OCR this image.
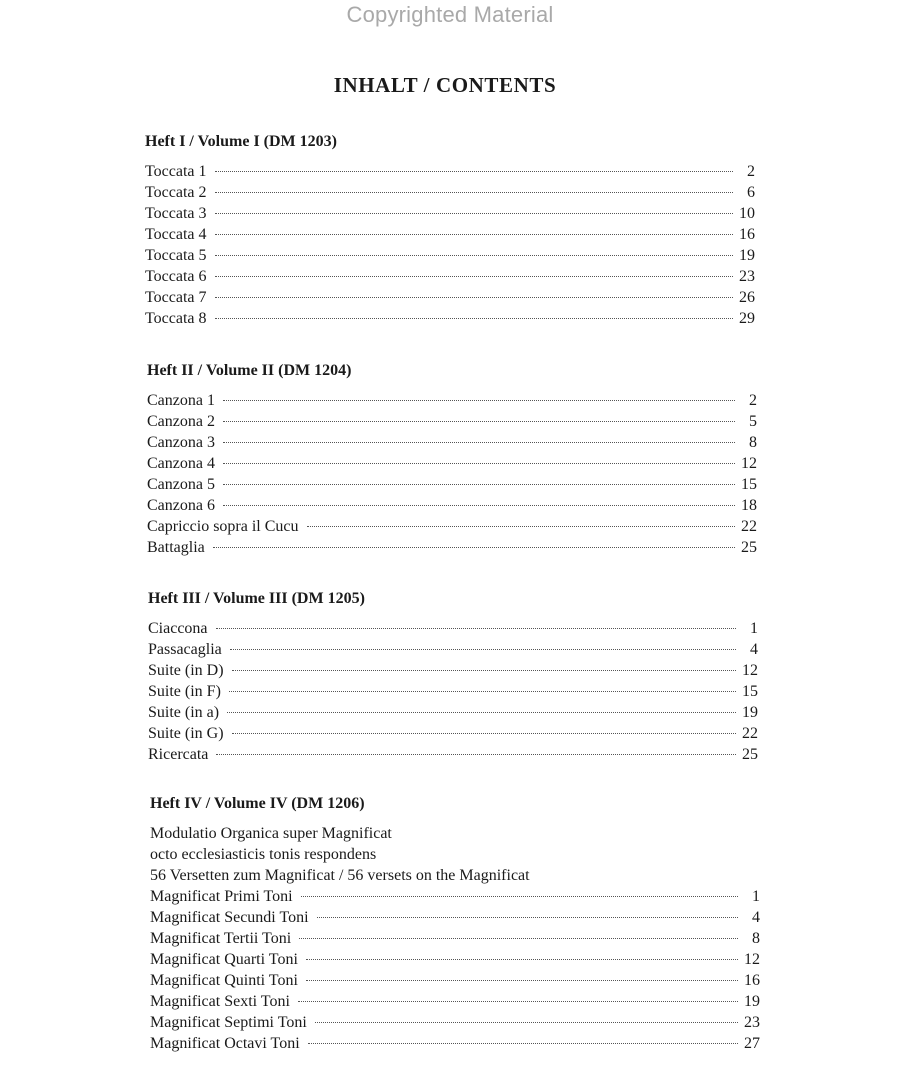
Copyrighted Material
INHALT / CONTENTS
Heft I / Volume I (DM 1203)
Toccata 1	2
Toccata 2	6
Toccata 3	10
Toccata 4	16
Toccata 5	19
Toccata 6	23
Toccata 7	26
Toccata 8	29
Heft II / Volume II (DM 1204)
Canzona 1	2
Canzona 2	5
Canzona 3	8
Canzona 4	12
Canzona 5	15
Canzona 6	18
Capriccio sopra il Cucu	22
Battaglia	25
Heft III / Volume III (DM 1205)
Ciaccona	1
Passacaglia	4
Suite (in D)	12
Suite (in F)	15
Suite (in a)	19
Suite (in G)	22
Ricercata	25
Heft IV / Volume IV (DM 1206)
Modulatio Organica super Magnificat
octo ecclesiasticis tonis respondens
56 Versetten zum Magnificat / 56 versets on the Magnificat
Magnificat Primi Toni	1
Magnificat Secundi Toni	4
Magnificat Tertii Toni	8
Magnificat Quarti Toni	12
Magnificat Quinti Toni	16
Magnificat Sexti Toni	19
Magnificat Septimi Toni	23
Magnificat Octavi Toni	27
